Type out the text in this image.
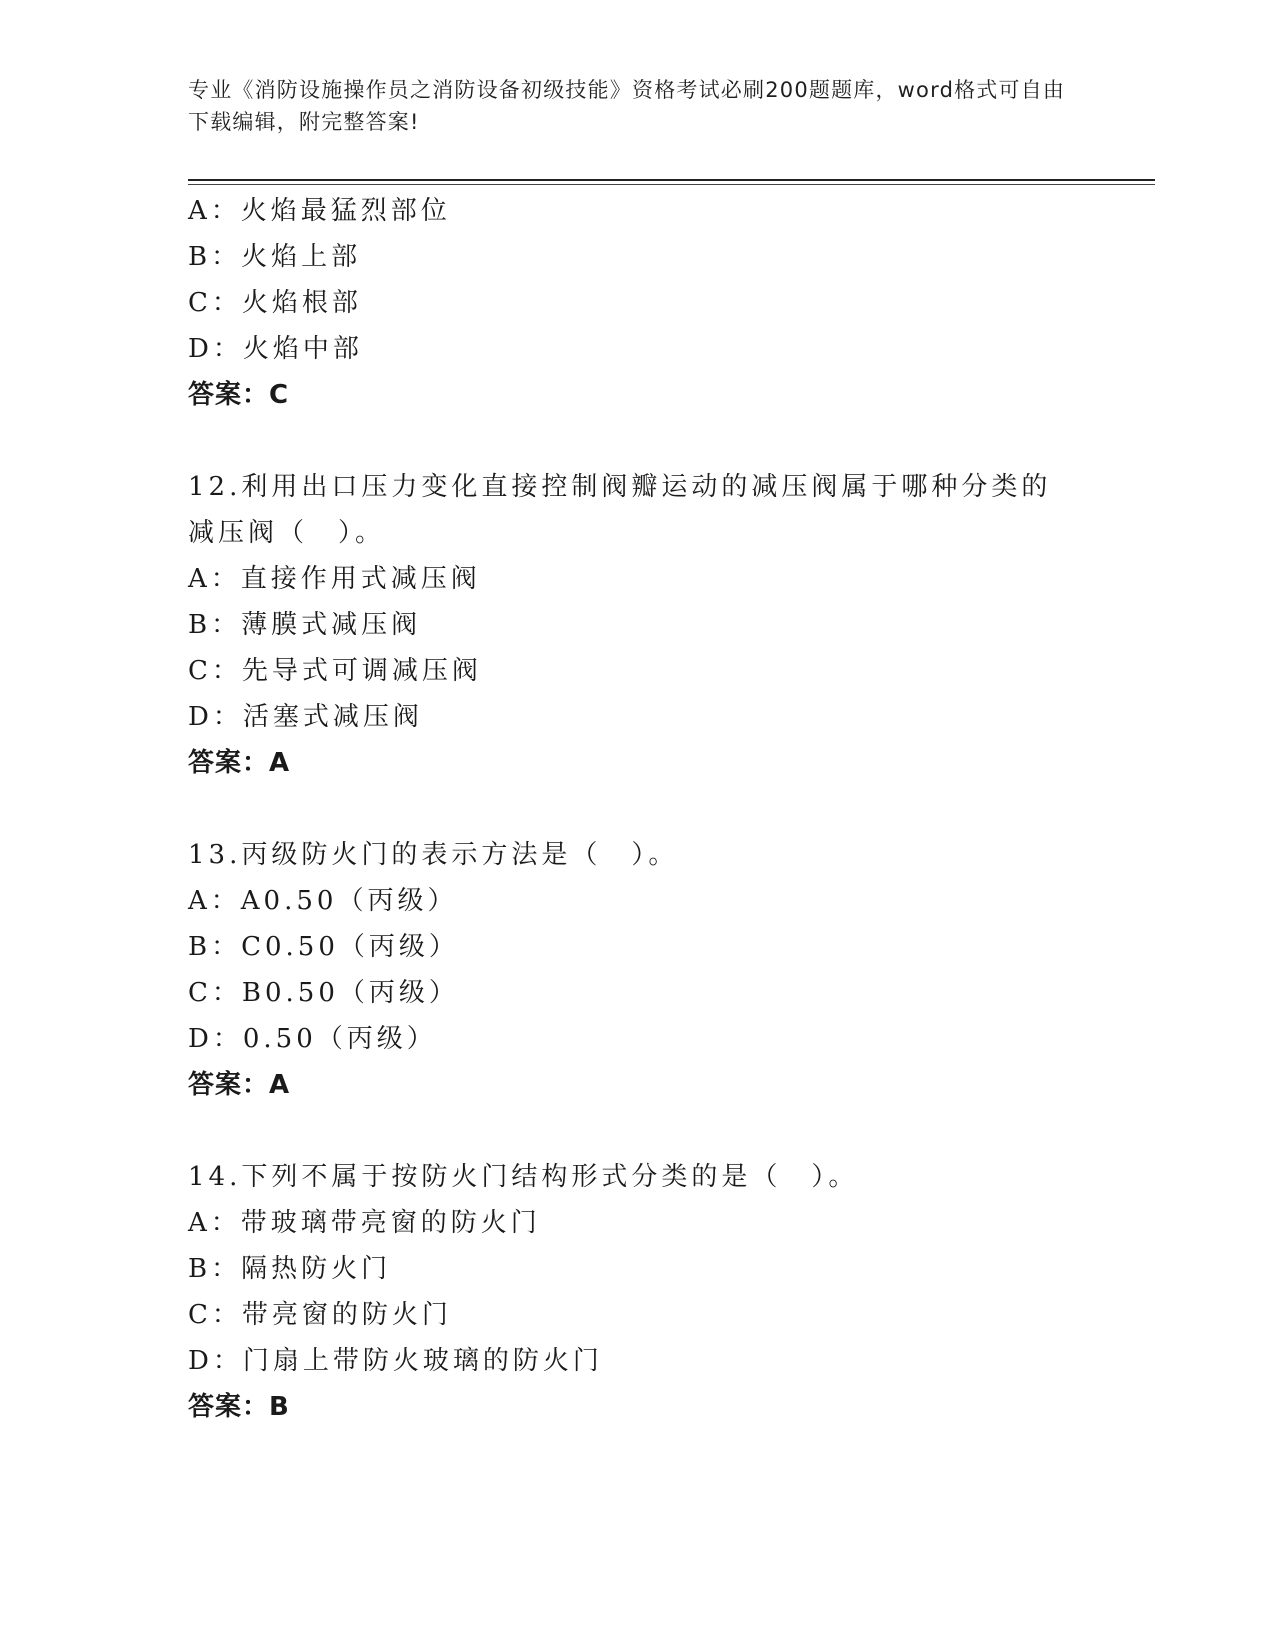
专业《消防设施操作员之消防设备初级技能》资格考试必刷200题题库，word格式可自由下载编辑，附完整答案!
A：火焰最猛烈部位
B：火焰上部
C：火焰根部
D：火焰中部
答案：C
12.利用出口压力变化直接控制阀瓣运动的减压阀属于哪种分类的减压阀（　）。
A：直接作用式减压阀
B：薄膜式减压阀
C：先导式可调减压阀
D：活塞式减压阀
答案：A
13.丙级防火门的表示方法是（　）。
A：A0.50（丙级）
B：C0.50（丙级）
C：B0.50（丙级）
D：0.50（丙级）
答案：A
14.下列不属于按防火门结构形式分类的是（　）。
A：带玻璃带亮窗的防火门
B：隔热防火门
C：带亮窗的防火门
D：门扇上带防火玻璃的防火门
答案：B
